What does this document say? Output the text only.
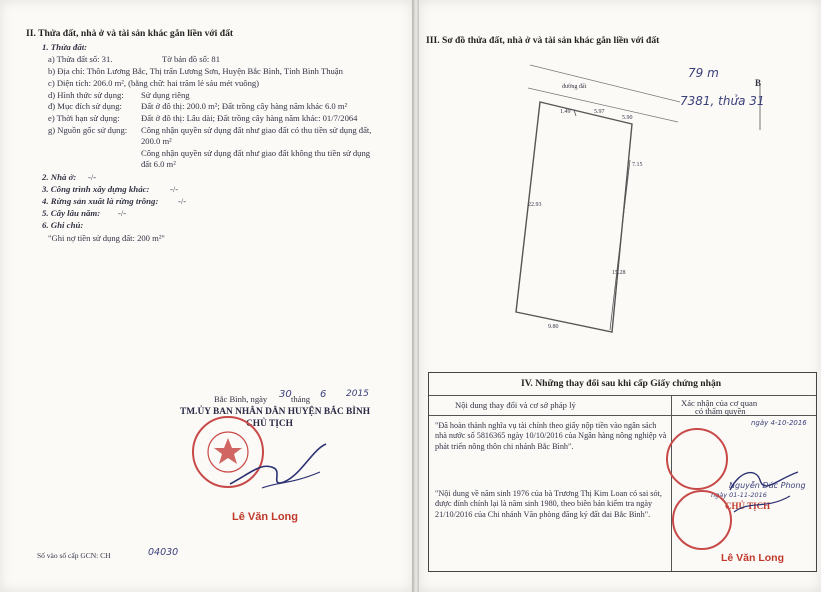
II. Thửa đất, nhà ở và tài sản khác gắn liền với đất
1. Thửa đất:
a) Thửa đất số: 31.	Tờ bản đồ số: 81
b) Địa chỉ: Thôn Lương Bắc, Thị trấn Lương Sơn, Huyện Bắc Bình, Tỉnh Bình Thuận
c) Diện tích: 206.0 m², (bằng chữ: hai trăm lẻ sáu mét vuông)
d) Hình thức sử dụng: Sử dụng riêng
đ) Mục đích sử dụng: Đất ở đô thị: 200.0 m²; Đất trồng cây hàng năm khác 6.0 m²
e) Thời hạn sử dụng: Đất ở đô thị: Lâu dài; Đất trồng cây hàng năm khác: 01/7/2064
g) Nguồn gốc sử dụng: Công nhận quyền sử dụng đất như giao đất có thu tiền sử dụng đất,
200.0 m²
Công nhận quyền sử dụng đất như giao đất không thu tiền sử dụng
đất 6.0 m²
2. Nhà ở: -/-
3. Công trình xây dựng khác: -/-
4. Rừng sản xuất là rừng trồng: -/-
5. Cây lâu năm: -/-
6. Ghi chú:
"Ghi nợ tiền sử dụng đất: 200 m²"
Bắc Bình, ngày 30 tháng 6 2015
TM.ỦY BAN NHÂN DÂN HUYỆN BẮC BÌNH
CHỦ TỊCH
Lê Văn Long
Số vào sổ cấp GCN: CH	04030
III. Sơ đồ thửa đất, nhà ở và tài sản khác gắn liền với đất
đường đất
1.49	5.97
5.90
7.15
22.93
15.28
9.80
B
79 m
7381, thửa 31
IV. Những thay đổi sau khi cấp Giấy chứng nhận
Nội dung thay đổi và cơ sở pháp lý	Xác nhận của cơ quan
có thẩm quyền
"Đã hoàn thành nghĩa vụ tài chính theo giấy nộp tiền vào ngân sách nhà nước số 5816365 ngày 10/10/2016 của Ngân hàng nông nghiệp và phát triển nông thôn chi nhánh Bắc Bình".
"Nội dung về năm sinh 1976 của bà Trương Thị Kim Loan có sai sót, được đính chính lại là năm sinh 1980, theo biên bản kiểm tra ngày 21/10/2016 của Chi nhánh Văn phòng đăng ký đất đai Bắc Bình".
ngày 4-10-2016
Nguyễn Đức Phong
ngày 01-11-2016
CHỦ TỊCH
Lê Văn Long
